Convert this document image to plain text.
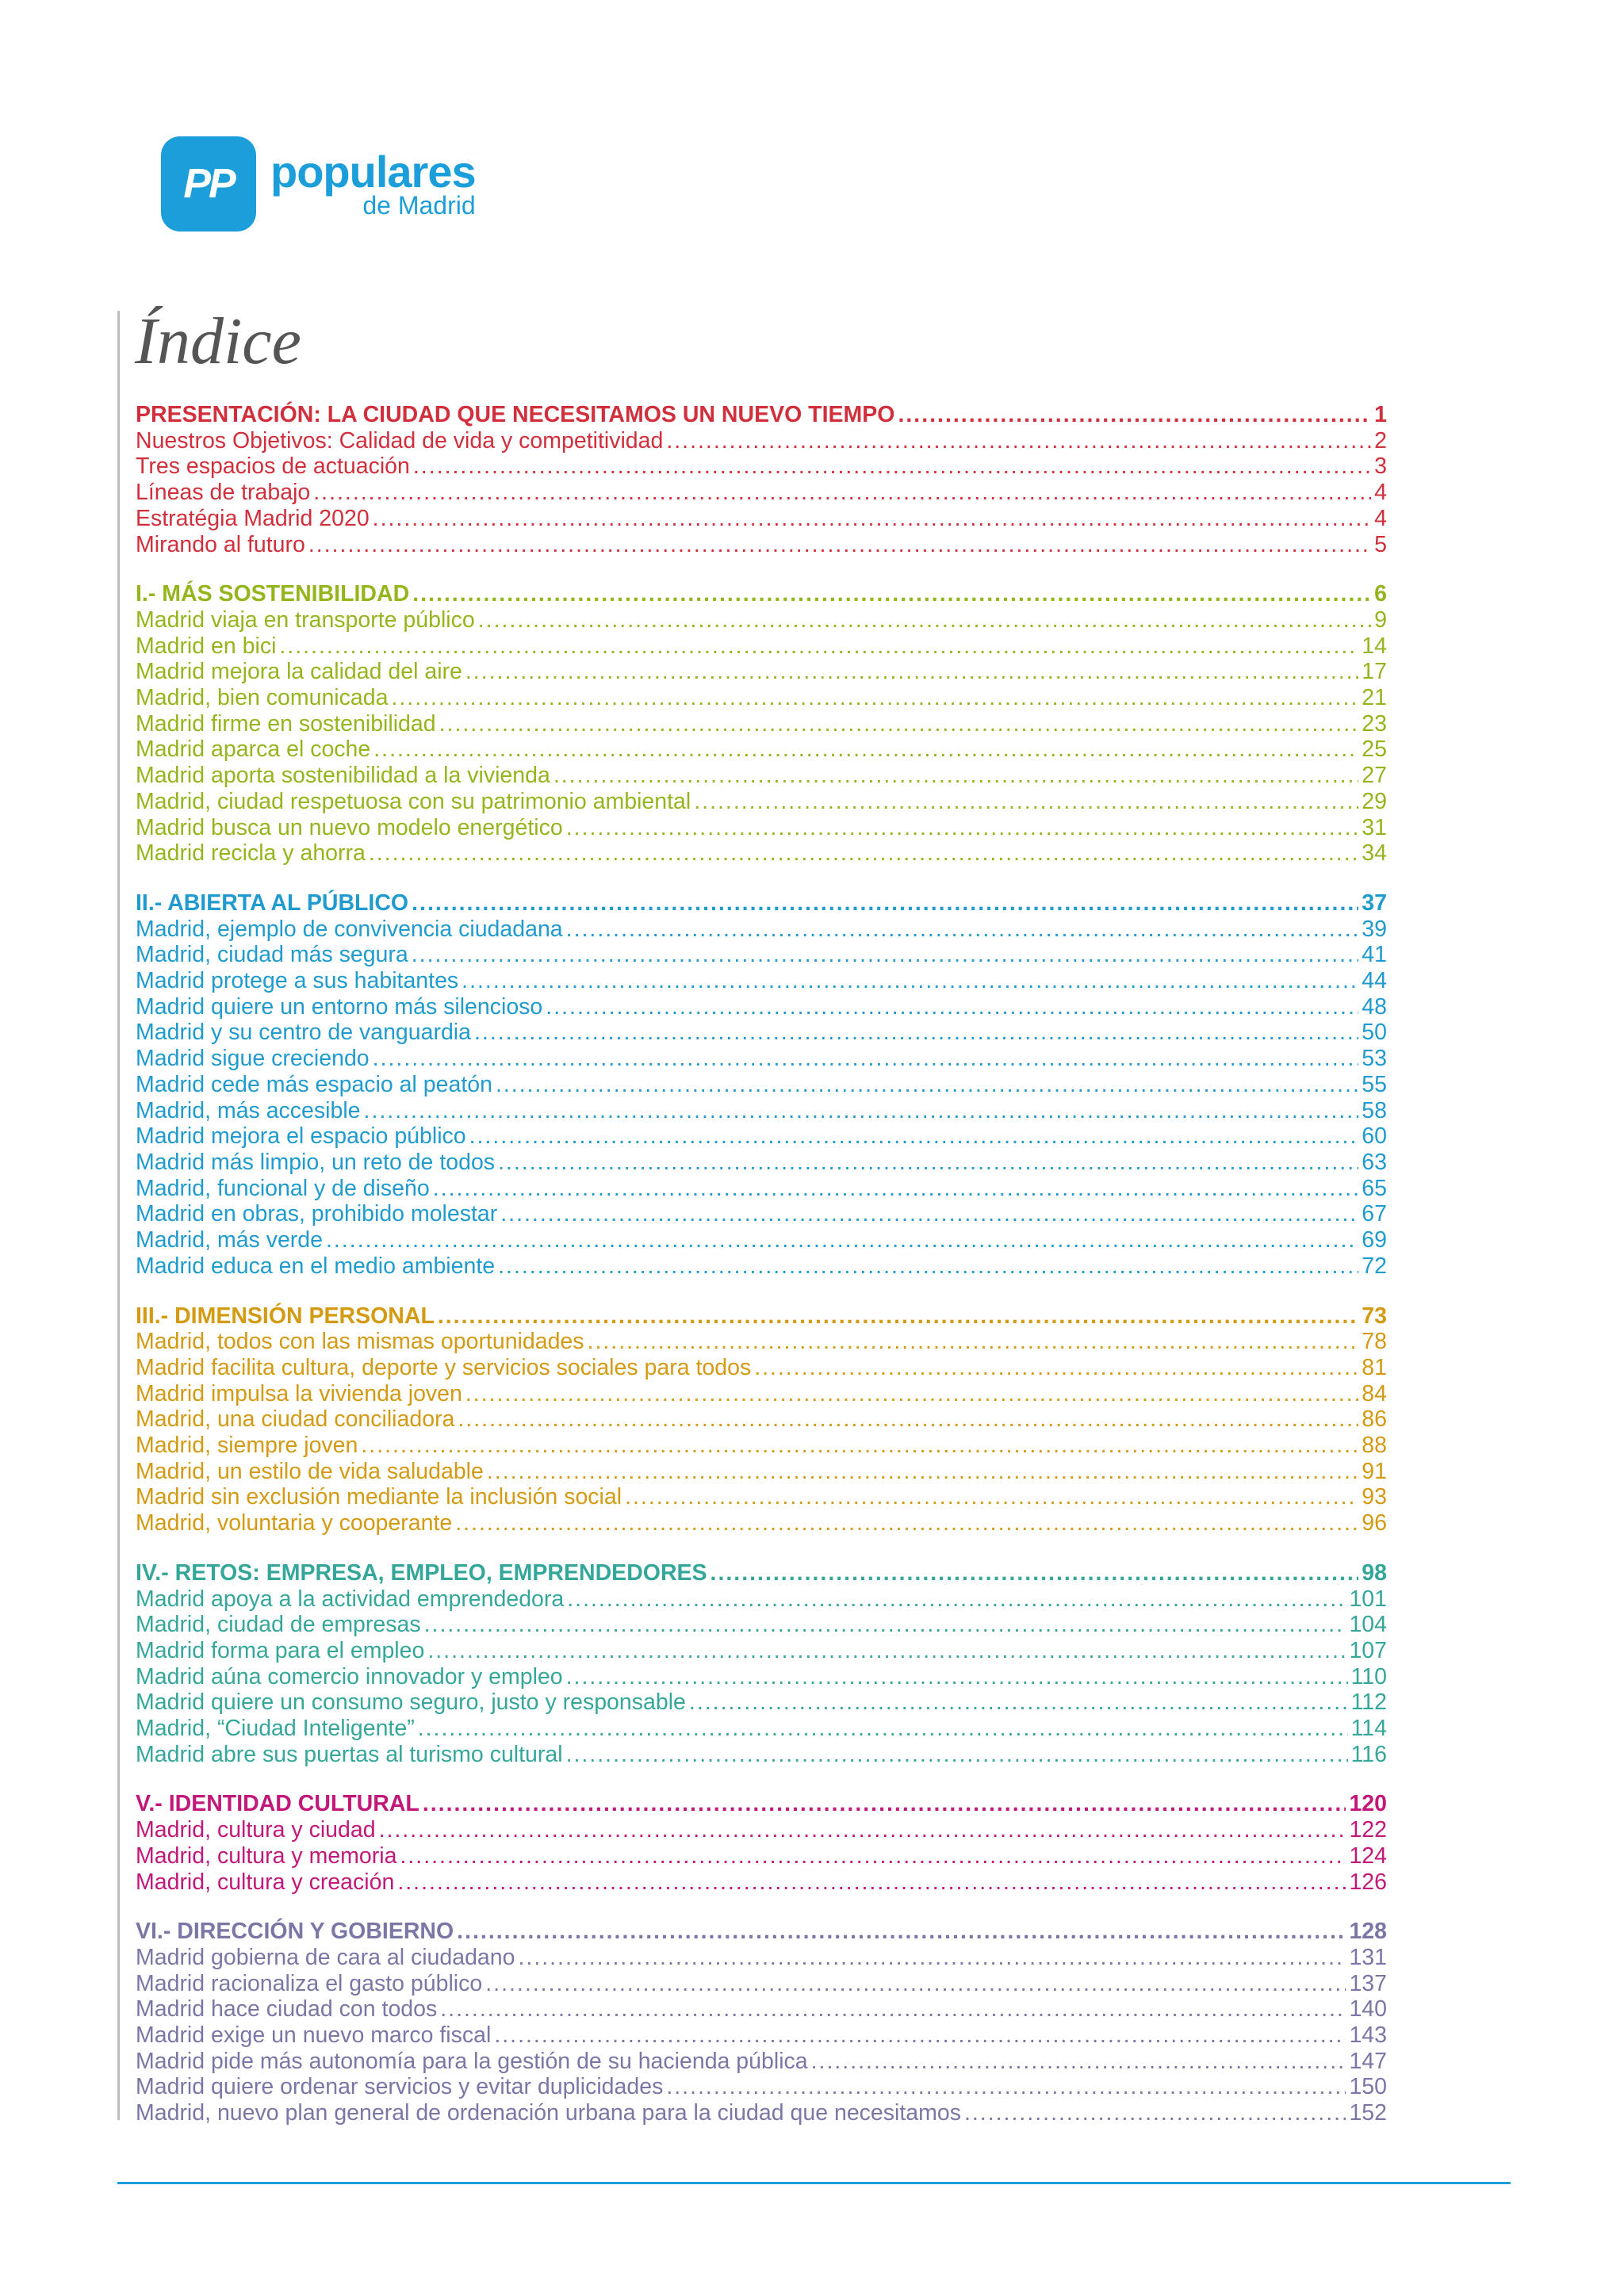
PP populares
de Madrid
Índice
PRESENTACIÓN: LA CIUDAD QUE NECESITAMOS UN NUEVO TIEMPO .....	1
Nuestros Objetivos: Calidad de vida y competitividad .....	2
Tres espacios de actuación .....	3
Líneas de trabajo .....	4
Estratégia Madrid 2020 .....	4
Mirando al futuro .....	5
I.- MÁS SOSTENIBILIDAD .....	6
Madrid viaja en transporte público .....	9
Madrid en bici .....	14
Madrid mejora la calidad del aire .....	17
Madrid, bien comunicada .....	21
Madrid firme en sostenibilidad .....	23
Madrid aparca el coche .....	25
Madrid aporta sostenibilidad a la vivienda .....	27
Madrid, ciudad respetuosa con su patrimonio ambiental .....	29
Madrid busca un nuevo modelo energético .....	31
Madrid recicla y ahorra .....	34
II.- ABIERTA AL PÚBLICO .....	37
Madrid, ejemplo de convivencia ciudadana .....	39
Madrid, ciudad más segura .....	41
Madrid protege a sus habitantes .....	44
Madrid quiere un entorno más silencioso .....	48
Madrid y su centro de vanguardia .....	50
Madrid sigue creciendo .....	53
Madrid cede más espacio al peatón .....	55
Madrid, más accesible .....	58
Madrid mejora el espacio público .....	60
Madrid más limpio, un reto de todos .....	63
Madrid, funcional y de diseño .....	65
Madrid en obras, prohibido molestar .....	67
Madrid, más verde .....	69
Madrid educa en el medio ambiente .....	72
III.- DIMENSIÓN PERSONAL .....	73
Madrid, todos con las mismas oportunidades .....	78
Madrid facilita cultura, deporte y servicios sociales para todos .....	81
Madrid impulsa la vivienda joven .....	84
Madrid, una ciudad conciliadora .....	86
Madrid, siempre joven .....	88
Madrid, un estilo de vida saludable .....	91
Madrid sin exclusión mediante la inclusión social .....	93
Madrid, voluntaria y cooperante .....	96
IV.- RETOS: EMPRESA, EMPLEO, EMPRENDEDORES .....	98
Madrid apoya a la actividad emprendedora .....	101
Madrid, ciudad de empresas .....	104
Madrid forma para el empleo .....	107
Madrid aúna comercio innovador y empleo .....	110
Madrid quiere un consumo seguro, justo y responsable .....	112
Madrid, “Ciudad Inteligente” .....	114
Madrid abre sus puertas al turismo cultural .....	116
V.- IDENTIDAD CULTURAL .....	120
Madrid, cultura y ciudad .....	122
Madrid, cultura y memoria .....	124
Madrid, cultura y creación .....	126
VI.- DIRECCIÓN Y GOBIERNO .....	128
Madrid gobierna de cara al ciudadano .....	131
Madrid racionaliza el gasto público .....	137
Madrid hace ciudad con todos .....	140
Madrid exige un nuevo marco fiscal .....	143
Madrid pide más autonomía para la gestión de su hacienda pública .....	147
Madrid quiere ordenar servicios y evitar duplicidades .....	150
Madrid, nuevo plan general de ordenación urbana para la ciudad que necesitamos .....	152
